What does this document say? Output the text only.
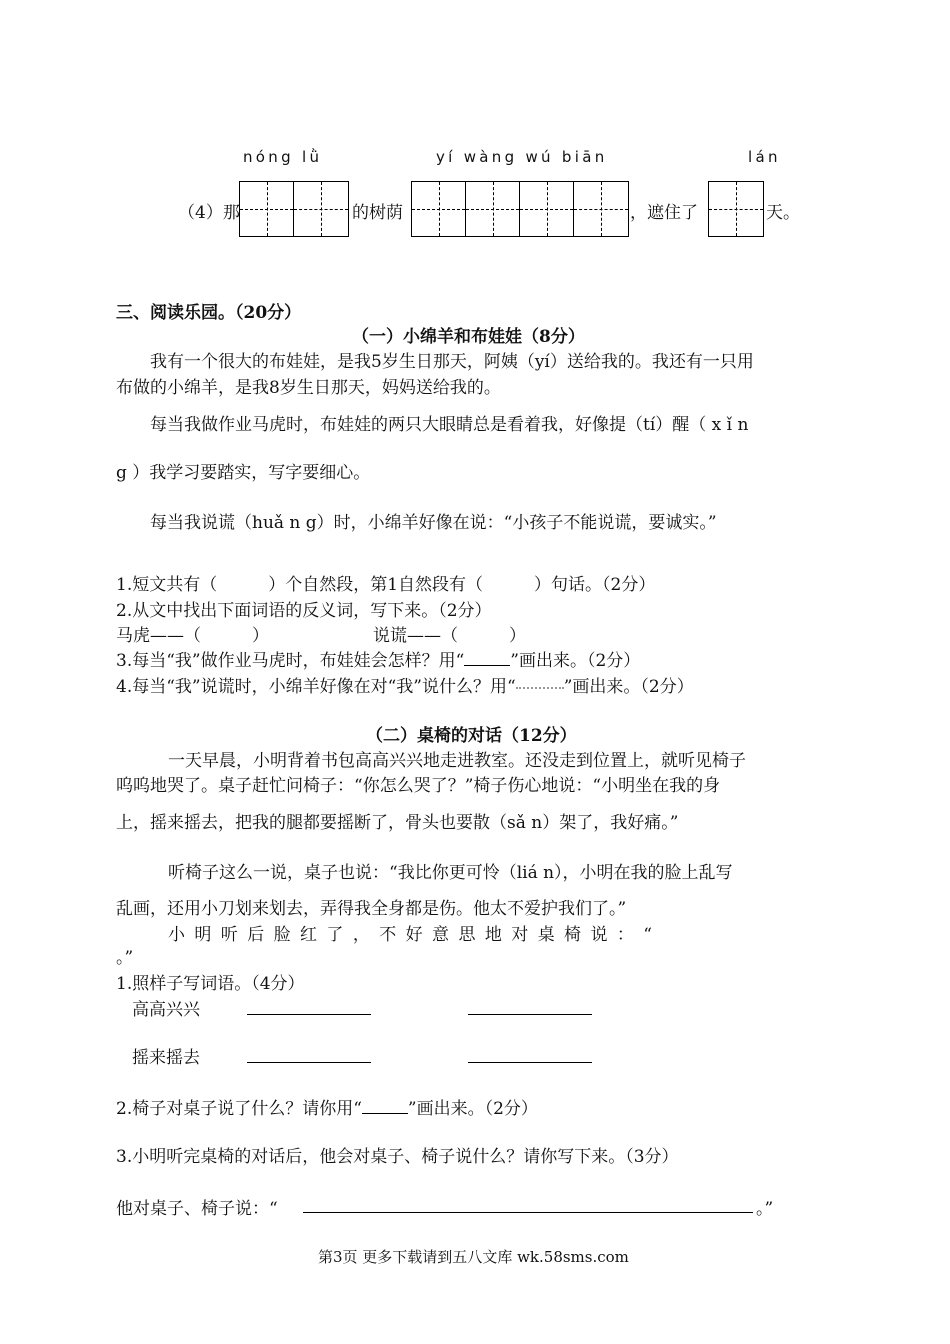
nóng lǜ	yí wàng wú biān	lán
（4）那	的树荫	，遮住了	天。
三、阅读乐园。（20分）
（一）小绵羊和布娃娃（8分）
我有一个很大的布娃娃，是我5岁生日那天，阿姨（yí）送给我的。我还有一只用
布做的小绵羊，是我8岁生日那天，妈妈送给我的。
每当我做作业马虎时，布娃娃的两只大眼睛总是看着我，好像提（tí）醒（ x ǐ n
g ）我学习要踏实，写字要细心。
每当我说谎（huǎ n g）时，小绵羊好像在说：“小孩子不能说谎，要诚实。”
1.短文共有（　　　）个自然段，第1自然段有（　　　）句话。（2分）
2.从文中找出下面词语的反义词，写下来。（2分）
马虎——（　　　）	说谎——（　　　）
3.每当“我”做作业马虎时，布娃娃会怎样？用“	”画出来。（2分）
4.每当“我”说谎时，小绵羊好像在对“我”说什么？用“	”画出来。（2分）
（二）桌椅的对话（12分）
一天早晨，小明背着书包高高兴兴地走进教室。还没走到位置上，就听见椅子
呜呜地哭了。桌子赶忙问椅子：“你怎么哭了？”椅子伤心地说：“小明坐在我的身
上，摇来摇去，把我的腿都要摇断了，骨头也要散（sǎ n）架了，我好痛。”
听椅子这么一说，桌子也说：“我比你更可怜（liá n），小明在我的脸上乱写
乱画，还用小刀划来划去，弄得我全身都是伤。他太不爱护我们了。”
小 明 听 后 脸 红 了 ， 不 好 意 思 地 对 桌 椅 说 ： “
。”
1.照样子写词语。（4分）
高高兴兴
摇来摇去
2.椅子对桌子说了什么？请你用“	”画出来。（2分）
3.小明听完桌椅的对话后，他会对桌子、椅子说什么？请你写下来。（3分）
他对桌子、椅子说：“	。”
第3页 更多下载请到五八文库 wk.58sms.com
